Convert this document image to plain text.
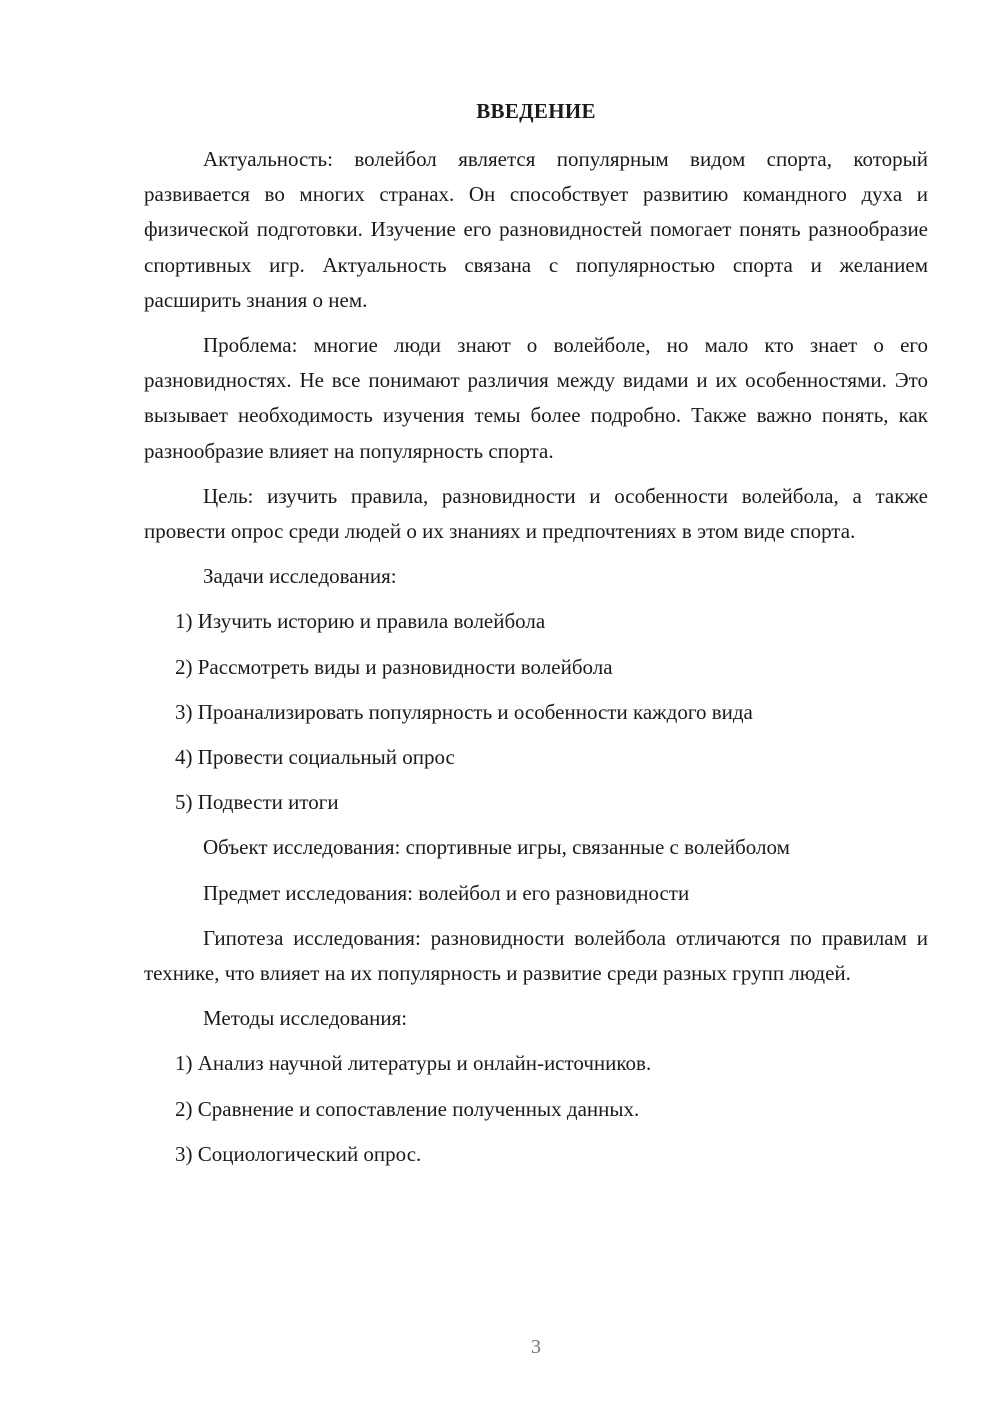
ВВЕДЕНИЕ

Актуальность: волейбол является популярным видом спорта, который развивается во многих странах. Он способствует развитию командного духа и физической подготовки. Изучение его разновидностей помогает понять разнообразие спортивных игр. Актуальность связана с популярностью спорта и желанием расширить знания о нем.

Проблема: многие люди знают о волейболе, но мало кто знает о его разновидностях. Не все понимают различия между видами и их особенностями. Это вызывает необходимость изучения темы более подробно. Также важно понять, как разнообразие влияет на популярность спорта.

Цель: изучить правила, разновидности и особенности волейбола, а также провести опрос среди людей о их знаниях и предпочтениях в этом виде спорта.

Задачи исследования:

1) Изучить историю и правила волейбола

2) Рассмотреть виды и разновидности волейбола

3) Проанализировать популярность и особенности каждого вида

4) Провести социальный опрос

5) Подвести итоги

Объект исследования: спортивные игры, связанные с волейболом

Предмет исследования: волейбол и его разновидности

Гипотеза исследования: разновидности волейбола отличаются по правилам и технике, что влияет на их популярность и развитие среди разных групп людей.

Методы исследования:

1) Анализ научной литературы и онлайн-источников.

2) Сравнение и сопоставление полученных данных.

3) Социологический опрос.

3
